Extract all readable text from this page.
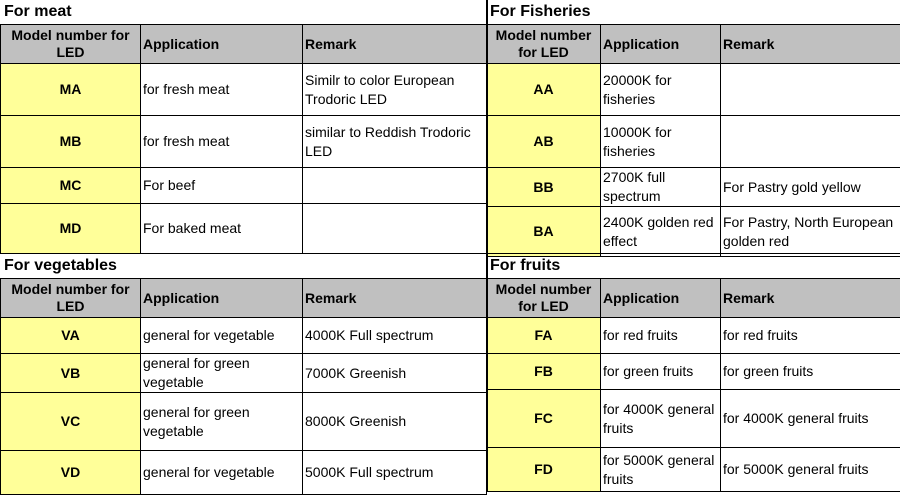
For meat
Model number for LED	Application	Remark
MA	for fresh meat	Similr to color European Trodoric LED
MB	for fresh meat	similar to Reddish Trodoric LED
MC	For beef	
MD	For baked meat	
For Fisheries
Model number for LED	Application	Remark
AA	20000K for fisheries	
AB	10000K for fisheries	
BB	2700K full spectrum	For Pastry gold yellow
BA	2400K golden red effect	For Pastry, North European golden red
For vegetables
Model number for LED	Application	Remark
VA	general for vegetable	4000K Full spectrum
VB	general for green vegetable	7000K Greenish
VC	general for green vegetable	8000K Greenish
VD	general for vegetable	5000K Full spectrum
For fruits
Model number for LED	Application	Remark
FA	for red fruits	for red fruits
FB	for green fruits	for green fruits
FC	for 4000K general fruits	for 4000K general fruits
FD	for 5000K general fruits	for 5000K general fruits
